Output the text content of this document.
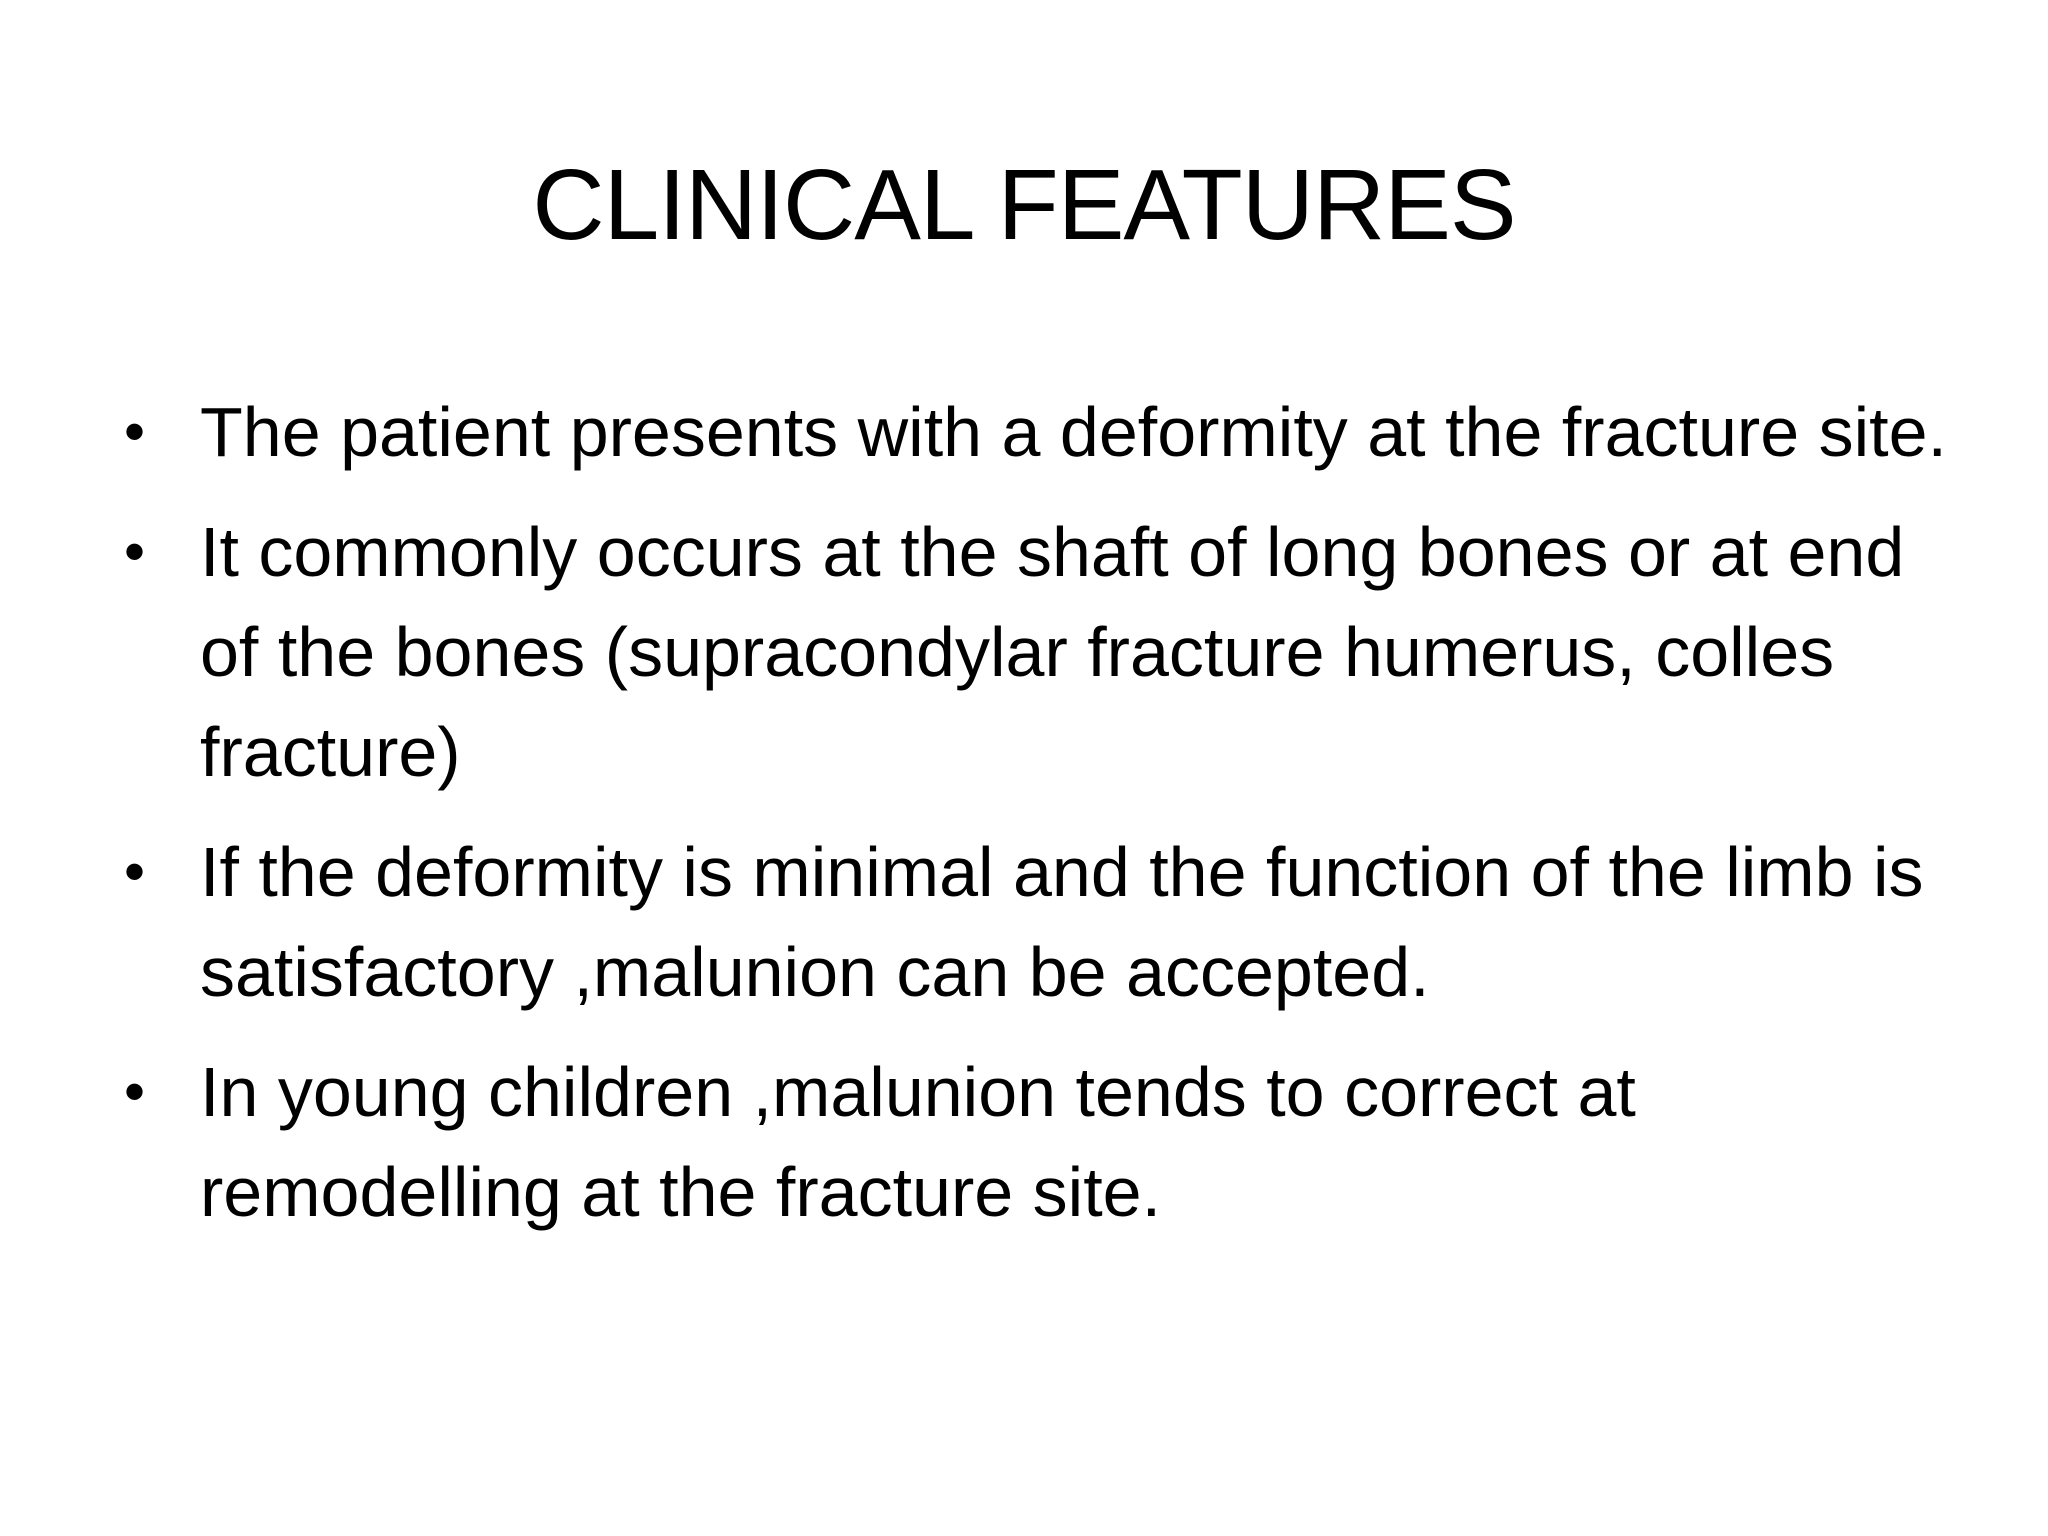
CLINICAL FEATURES
• The patient presents with a deformity at the fracture site.
• It commonly occurs at the shaft of long bones or at end of the bones (supracondylar fracture humerus, colles fracture)
• If the deformity is minimal and the function of the limb is satisfactory ,malunion can be accepted.
• In young children ,malunion tends to correct at remodelling at the fracture site.
